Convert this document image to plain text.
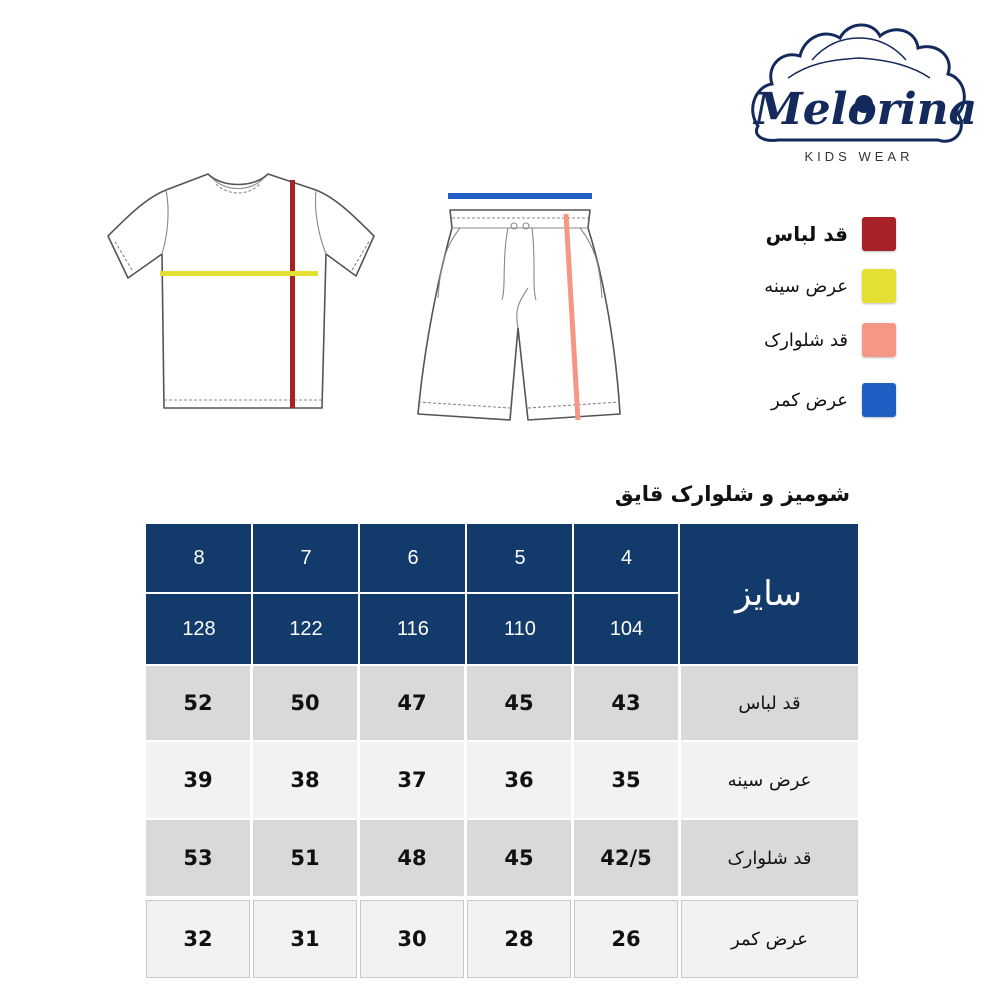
Melorina
KIDS WEAR
قد لباس
عرض سینه
قد شلوارک
عرض کمر
شومیز و شلوارک قایق
سایز
8	7	6	5	4
128	122	116	110	104
52	50	47	45	43	قد لباس
39	38	37	36	35	عرض سینه
53	51	48	45	42/5	قد شلوارک
32	31	30	28	26	عرض کمر
